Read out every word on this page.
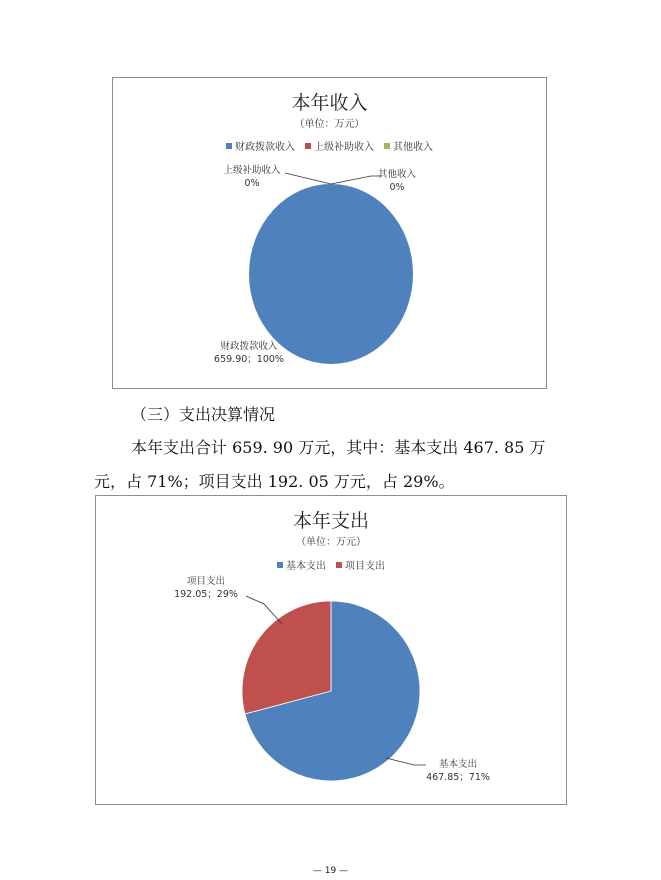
本年收入
（单位：万元）
财政拨款收入 上级补助收入 其他收入
上级补助收入
0%
其他收入
0%
财政拨款收入
659.90；100%
（三）支出决算情况
本年支出合计 659. 90 万元，其中：基本支出 467. 85 万
元，占 71%；项目支出 192. 05 万元，占 29%。
本年支出
（单位：万元）
基本支出 项目支出
项目支出
192.05；29%
基本支出
467.85；71%
— 19 —
